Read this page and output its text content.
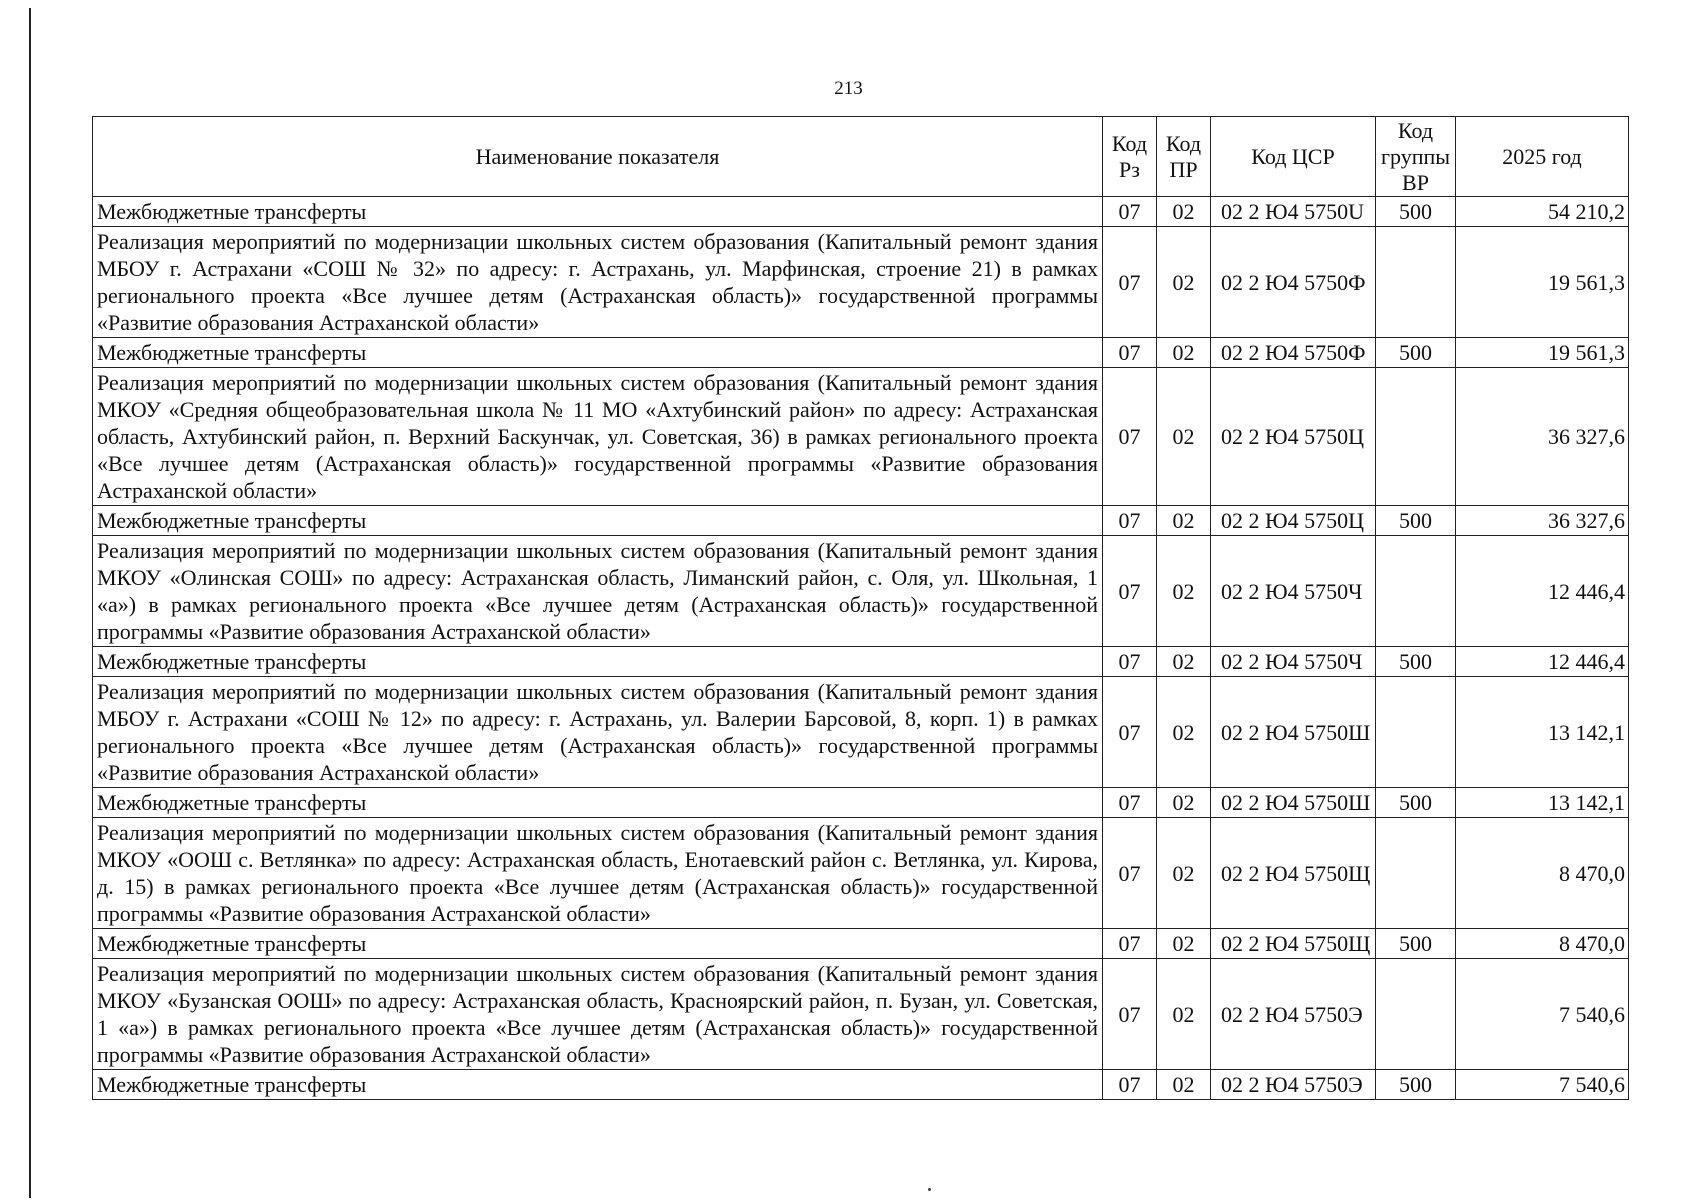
213
Наименование показателя	Код Рз	Код ПР	Код ЦСР	Код группы ВР	2025 год
Межбюджетные трансферты	07	02	02 2 Ю4 5750U	500	54 210,2
Реализация мероприятий по модернизации школьных систем образования (Капитальный ремонт здания МБОУ г. Астрахани «СОШ № 32» по адресу: г. Астрахань, ул. Марфинская, строение 21) в рамках регионального проекта «Все лучшее детям (Астраханская область)» государственной программы «Развитие образования Астраханской области»	07	02	02 2 Ю4 5750Ф		19 561,3
Межбюджетные трансферты	07	02	02 2 Ю4 5750Ф	500	19 561,3
Реализация мероприятий по модернизации школьных систем образования (Капитальный ремонт здания МКОУ «Средняя общеобразовательная школа № 11 МО «Ахтубинский район» по адресу: Астраханская область, Ахтубинский район, п. Верхний Баскунчак, ул. Советская, 36) в рамках регионального проекта «Все лучшее детям (Астраханская область)» государственной программы «Развитие образования Астраханской области»	07	02	02 2 Ю4 5750Ц		36 327,6
Межбюджетные трансферты	07	02	02 2 Ю4 5750Ц	500	36 327,6
Реализация мероприятий по модернизации школьных систем образования (Капитальный ремонт здания МКОУ «Олинская СОШ» по адресу: Астраханская область, Лиманский район, с. Оля, ул. Школьная, 1 «а») в рамках регионального проекта «Все лучшее детям (Астраханская область)» государственной программы «Развитие образования Астраханской области»	07	02	02 2 Ю4 5750Ч		12 446,4
Межбюджетные трансферты	07	02	02 2 Ю4 5750Ч	500	12 446,4
Реализация мероприятий по модернизации школьных систем образования (Капитальный ремонт здания МБОУ г. Астрахани «СОШ № 12» по адресу: г. Астрахань, ул. Валерии Барсовой, 8, корп. 1) в рамках регионального проекта «Все лучшее детям (Астраханская область)» государственной программы «Развитие образования Астраханской области»	07	02	02 2 Ю4 5750Ш		13 142,1
Межбюджетные трансферты	07	02	02 2 Ю4 5750Ш	500	13 142,1
Реализация мероприятий по модернизации школьных систем образования (Капитальный ремонт здания МКОУ «ООШ с. Ветлянка» по адресу: Астраханская область, Енотаевский район с. Ветлянка, ул. Кирова, д. 15) в рамках регионального проекта «Все лучшее детям (Астраханская область)» государственной программы «Развитие образования Астраханской области»	07	02	02 2 Ю4 5750Щ		8 470,0
Межбюджетные трансферты	07	02	02 2 Ю4 5750Щ	500	8 470,0
Реализация мероприятий по модернизации школьных систем образования (Капитальный ремонт здания МКОУ «Бузанская ООШ» по адресу: Астраханская область, Красноярский район, п. Бузан, ул. Советская, 1 «а») в рамках регионального проекта «Все лучшее детям (Астраханская область)» государственной программы «Развитие образования Астраханской области»	07	02	02 2 Ю4 5750Э		7 540,6
Межбюджетные трансферты	07	02	02 2 Ю4 5750Э	500	7 540,6
